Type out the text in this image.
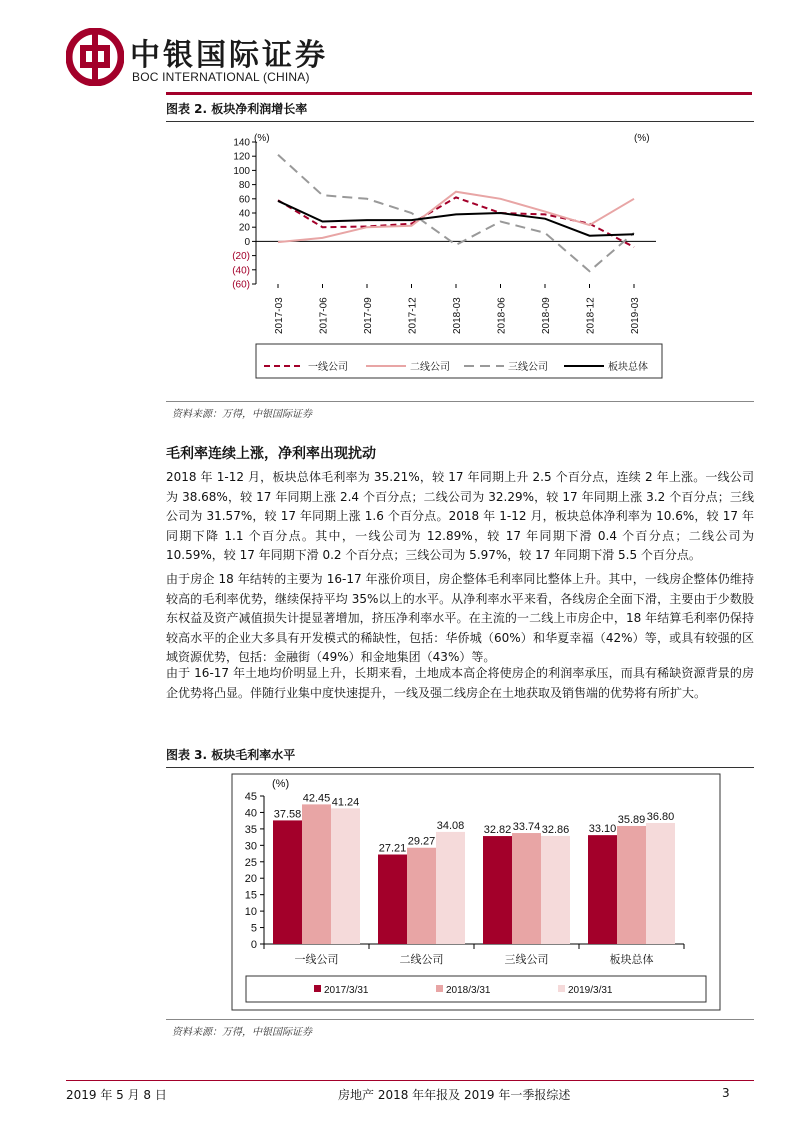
中银国际证券
BOC INTERNATIONAL (CHINA)
图表 2. 板块净利润增长率
(%)	(%)
140
120
100
80
60
40
20
0
(20)
(40)
(60)
2017-03	2017-06	2017-09	2017-12	2018-03	2018-06	2018-09	2018-12	2019-03
一线公司	二线公司	三线公司	板块总体
资料来源：万得，中银国际证券
毛利率连续上涨，净利率出现扰动
2018 年 1-12 月，板块总体毛利率为 35.21%，较 17 年同期上升 2.5 个百分点，连续 2 年上涨。一线公司为 38.68%，较 17 年同期上涨 2.4 个百分点；二线公司为 32.29%，较 17 年同期上涨 3.2 个百分点；三线公司为 31.57%，较 17 年同期上涨 1.6 个百分点。2018 年 1-12 月，板块总体净利率为 10.6%，较 17 年同期下降 1.1 个百分点。其中，一线公司为 12.89%，较 17 年同期下滑 0.4 个百分点；二线公司为 10.59%，较 17 年同期下滑 0.2 个百分点；三线公司为 5.97%，较 17 年同期下滑 5.5 个百分点。
由于房企 18 年结转的主要为 16-17 年涨价项目，房企整体毛利率同比整体上升。其中，一线房企整体仍维持较高的毛利率优势，继续保持平均 35%以上的水平。从净利率水平来看，各线房企全面下滑，主要由于少数股东权益及资产减值损失计提显著增加，挤压净利率水平。在主流的一二线上市房企中，18 年结算毛利率仍保持较高水平的企业大多具有开发模式的稀缺性，包括：华侨城（60%）和华夏幸福（42%）等，或具有较强的区域资源优势，包括：金融街（49%）和金地集团（43%）等。
由于 16-17 年土地均价明显上升，长期来看，土地成本高企将使房企的利润率承压，而具有稀缺资源背景的房企优势将凸显。伴随行业集中度快速提升，一线及强二线房企在土地获取及销售端的优势将有所扩大。
图表 3. 板块毛利率水平
(%)
45
40
35
30
25
20
15
10
5
0
37.58
42.45 41.24
一线公司
27.21
29.27
34.08
二线公司
32.82 33.74 32.86
三线公司
33.10
35.89 36.80
板块总体
2017/3/31	2018/3/31	2019/3/31
资料来源：万得，中银国际证券
2019 年 5 月 8 日	房地产 2018 年年报及 2019 年一季报综述	3
